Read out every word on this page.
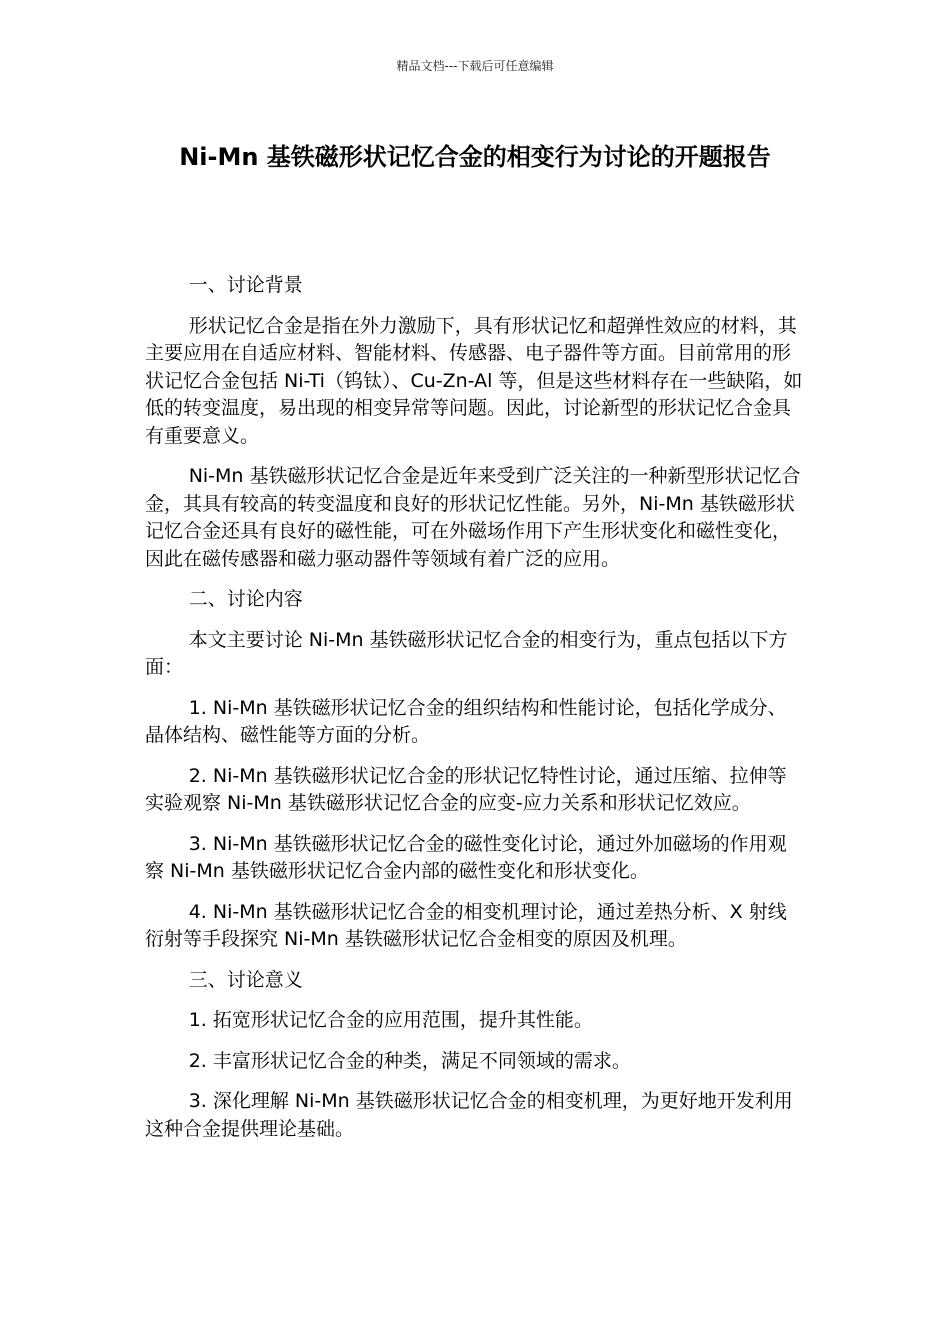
精品文档---下载后可任意编辑
Ni-Mn 基铁磁形状记忆合金的相变行为讨论的开题报告

一、讨论背景

形状记忆合金是指在外力激励下，具有形状记忆和超弹性效应的材料，其主要应用在自适应材料、智能材料、传感器、电子器件等方面。目前常用的形状记忆合金包括 Ni-Ti（钨钛）、Cu-Zn-Al 等，但是这些材料存在一些缺陷，如低的转变温度，易出现的相变异常等问题。因此，讨论新型的形状记忆合金具有重要意义。

Ni-Mn 基铁磁形状记忆合金是近年来受到广泛关注的一种新型形状记忆合金，其具有较高的转变温度和良好的形状记忆性能。另外，Ni-Mn 基铁磁形状记忆合金还具有良好的磁性能，可在外磁场作用下产生形状变化和磁性变化，因此在磁传感器和磁力驱动器件等领域有着广泛的应用。

二、讨论内容

本文主要讨论 Ni-Mn 基铁磁形状记忆合金的相变行为，重点包括以下方面：

1. Ni-Mn 基铁磁形状记忆合金的组织结构和性能讨论，包括化学成分、晶体结构、磁性能等方面的分析。

2. Ni-Mn 基铁磁形状记忆合金的形状记忆特性讨论，通过压缩、拉伸等实验观察 Ni-Mn 基铁磁形状记忆合金的应变-应力关系和形状记忆效应。

3. Ni-Mn 基铁磁形状记忆合金的磁性变化讨论，通过外加磁场的作用观察 Ni-Mn 基铁磁形状记忆合金内部的磁性变化和形状变化。

4. Ni-Mn 基铁磁形状记忆合金的相变机理讨论，通过差热分析、X 射线衍射等手段探究 Ni-Mn 基铁磁形状记忆合金相变的原因及机理。

三、讨论意义

1. 拓宽形状记忆合金的应用范围，提升其性能。

2. 丰富形状记忆合金的种类，满足不同领域的需求。

3. 深化理解 Ni-Mn 基铁磁形状记忆合金的相变机理，为更好地开发利用这种合金提供理论基础。
